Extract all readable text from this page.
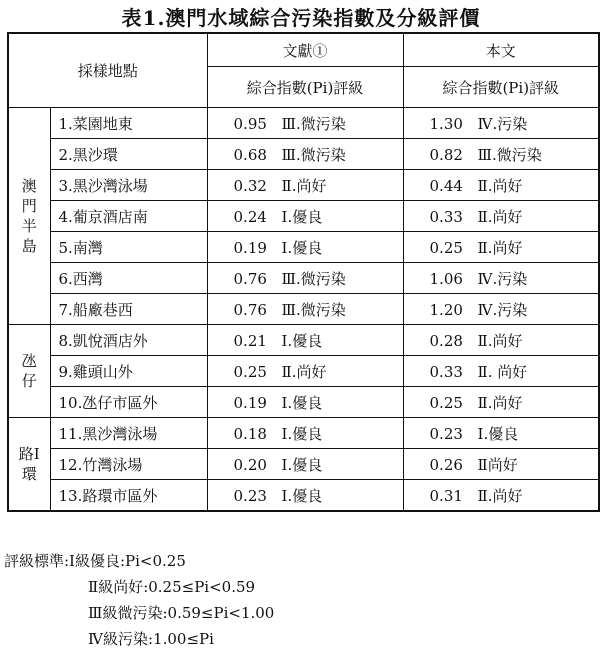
表1.澳門水域綜合污染指數及分級評價
採樣地點		文獻①	本文
		綜合指數(Pi)評級	綜合指數(Pi)評級

澳
門
半
島	1.菜園地東	0.95 Ⅲ.微污染	1.30 Ⅳ.污染
	2.黑沙環	0.68 Ⅲ.微污染	0.82 Ⅲ.微污染
	3.黑沙灣泳場	0.32 Ⅱ.尚好	0.44 Ⅱ.尚好
	4.葡京酒店南	0.24 Ⅰ.優良	0.33 Ⅱ.尚好
	5.南灣	0.19 Ⅰ.優良	0.25 Ⅱ.尚好
	6.西灣	0.76 Ⅲ.微污染	1.06 Ⅳ.污染
	7.船廠巷西	0.76 Ⅲ.微污染	1.20 Ⅳ.污染

氹
仔	8.凱悅酒店外	0.21 Ⅰ.優良	0.28 Ⅱ.尚好
	9.雞頭山外	0.25 Ⅱ.尚好	0.33 Ⅱ. 尚好
	10.氹仔市區外	0.19 Ⅰ.優良	0.25 Ⅱ.尚好

路Ⅰ
環	11.黑沙灣泳場	0.18 Ⅰ.優良	0.23 Ⅰ.優良
	12.竹灣泳場	0.20 Ⅰ.優良	0.26 Ⅱ尚好
	13.路環市區外	0.23 Ⅰ.優良	0.31 Ⅱ.尚好
評級標準:Ⅰ級優良:Pi<0.25
Ⅱ級尚好:0.25≤Pi<0.59
Ⅲ級微污染:0.59≤Pi<1.00
Ⅳ級污染:1.00≤Pi
